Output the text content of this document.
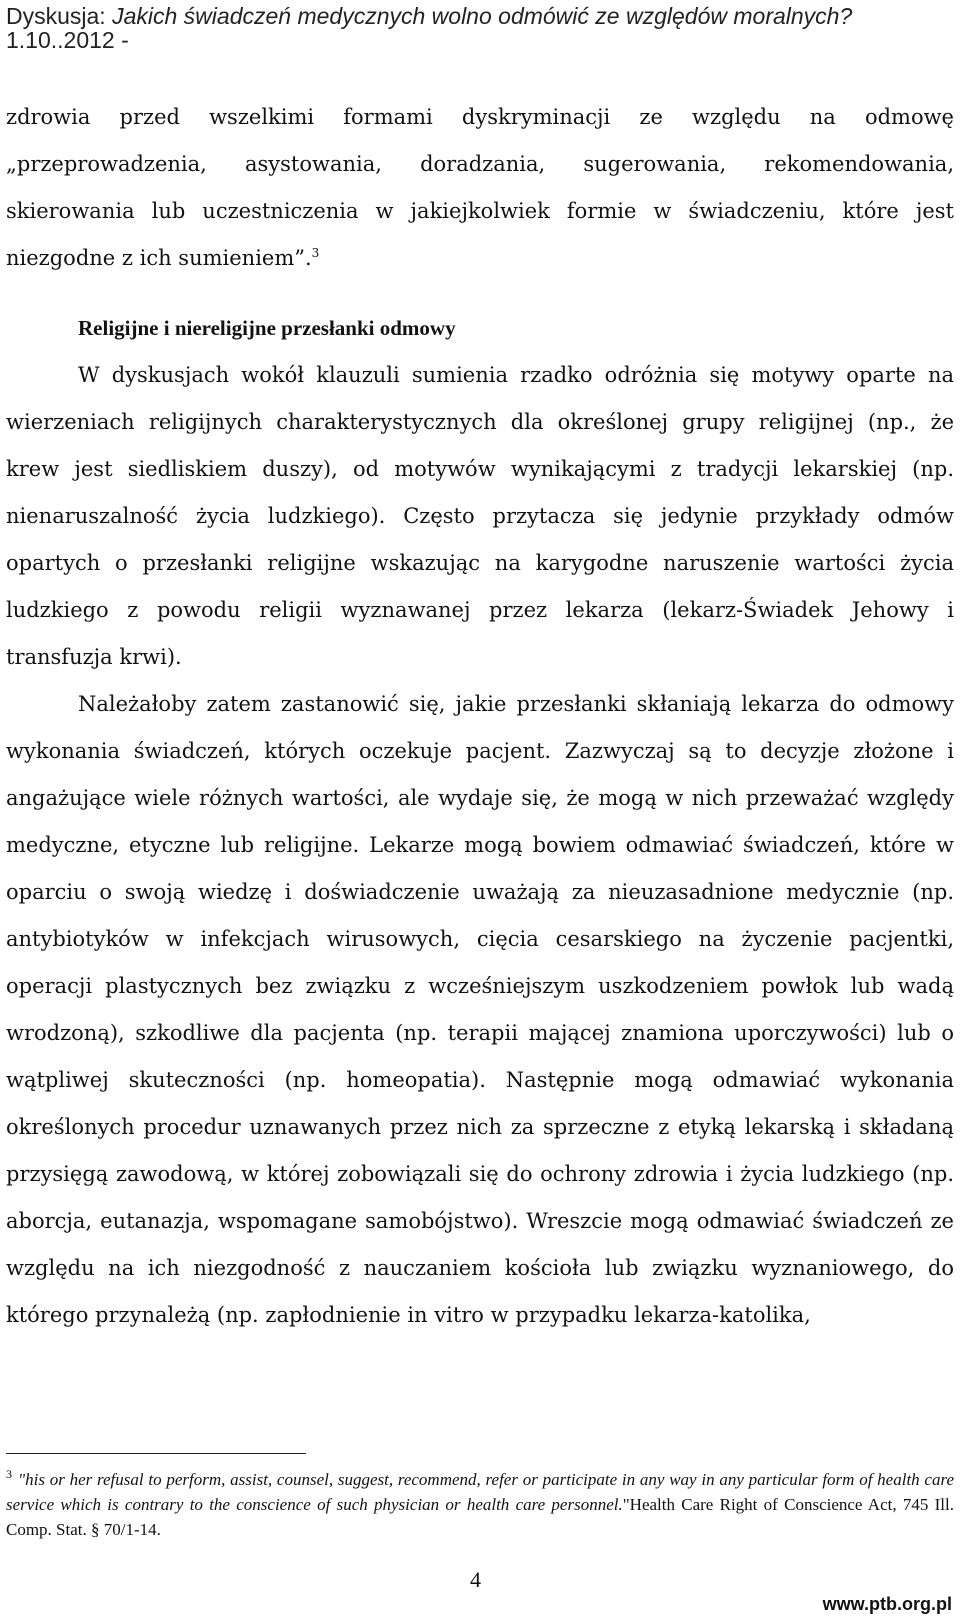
Dyskusja: Jakich świadczeń medycznych wolno odmówić ze względów moralnych?
1.10..2012 -

zdrowia przed wszelkimi formami dyskryminacji ze względu na odmowę „przeprowadzenia, asystowania, doradzania, sugerowania, rekomendowania, skierowania lub uczestniczenia w jakiejkolwiek formie w świadczeniu, które jest niezgodne z ich sumieniem”.$^3$

Religijne i niereligijne przesłanki odmowy

W dyskusjach wokół klauzuli sumienia rzadko odróżnia się motywy oparte na wierzeniach religijnych charakterystycznych dla określonej grupy religijnej (np., że krew jest siedliskiem duszy), od motywów wynikającymi z tradycji lekarskiej (np. nienaruszalność życia ludzkiego). Często przytacza się jedynie przykłady odmów opartych o przesłanki religijne wskazując na karygodne naruszenie wartości życia ludzkiego z powodu religii wyznawanej przez lekarza (lekarz-Świadek Jehowy i transfuzja krwi).

Należałoby zatem zastanowić się, jakie przesłanki skłaniają lekarza do odmowy wykonania świadczeń, których oczekuje pacjent. Zazwyczaj są to decyzje złożone i angażujące wiele różnych wartości, ale wydaje się, że mogą w nich przeważać względy medyczne, etyczne lub religijne. Lekarze mogą bowiem odmawiać świadczeń, które w oparciu o swoją wiedzę i doświadczenie uważają za nieuzasadnione medycznie (np. antybiotyków w infekcjach wirusowych, cięcia cesarskiego na życzenie pacjentki, operacji plastycznych bez związku z wcześniejszym uszkodzeniem powłok lub wadą wrodzoną), szkodliwe dla pacjenta (np. terapii mającej znamiona uporczywości) lub o wątpliwej skuteczności (np. homeopatia). Następnie mogą odmawiać wykonania określonych procedur uznawanych przez nich za sprzeczne z etyką lekarską i składaną przysięgą zawodową, w której zobowiązali się do ochrony zdrowia i życia ludzkiego (np. aborcja, eutanazja, wspomagane samobójstwo). Wreszcie mogą odmawiać świadczeń ze względu na ich niezgodność z nauczaniem kościoła lub związku wyznaniowego, do którego przynależą (np. zapłodnienie in vitro w przypadku lekarza-katolika,

$^3$ "his or her refusal to perform, assist, counsel, suggest, recommend, refer or participate in any way in any particular form of health care service which is contrary to the conscience of such physician or health care personnel."Health Care Right of Conscience Act, 745 Ill. Comp. Stat. § 70/1-14.
4
www.ptb.org.pl
